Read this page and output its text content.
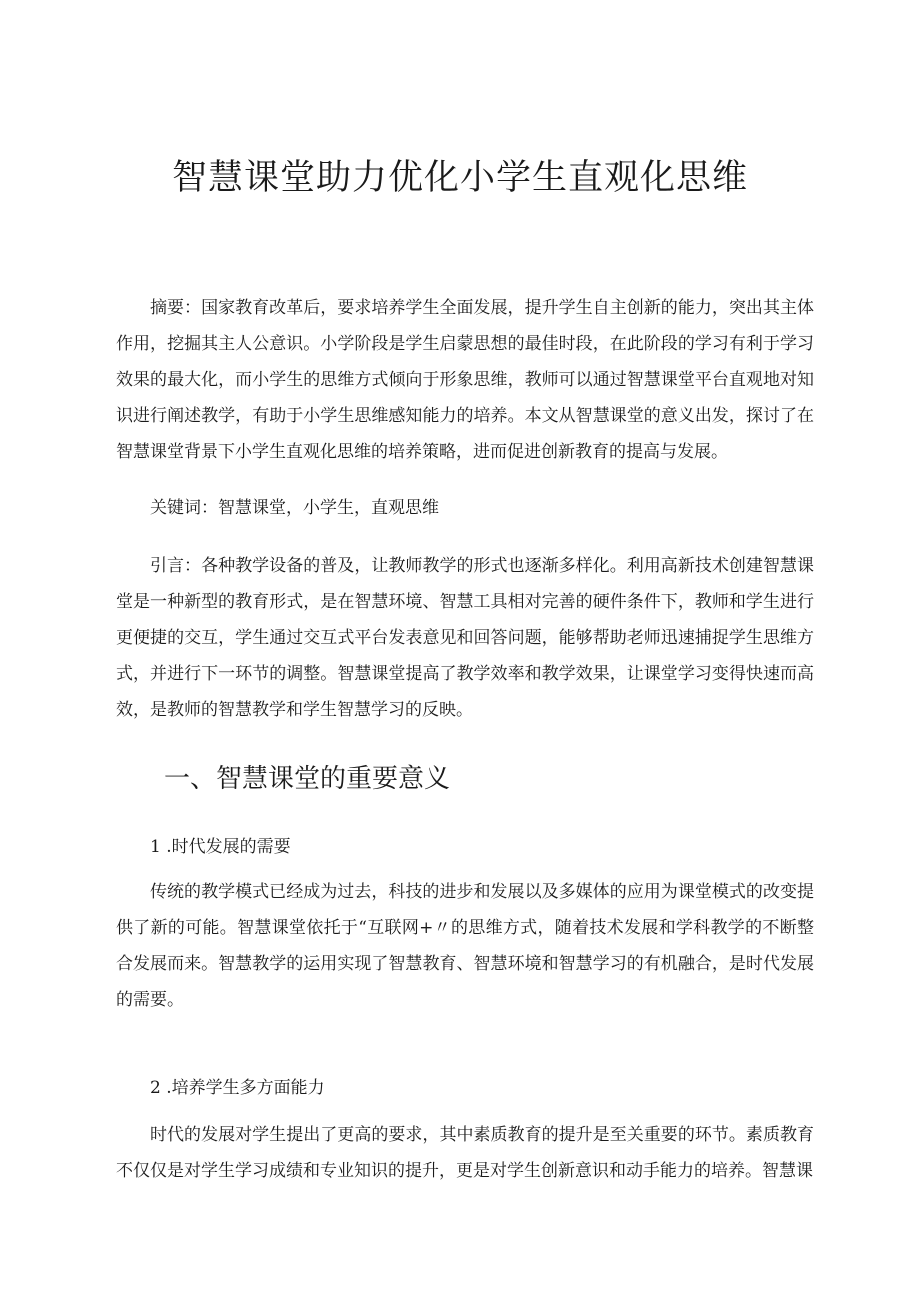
智慧课堂助力优化小学生直观化思维

摘要：国家教育改革后，要求培养学生全面发展，提升学生自主创新的能力，突出其主体作用，挖掘其主人公意识。小学阶段是学生启蒙思想的最佳时段，在此阶段的学习有利于学习效果的最大化，而小学生的思维方式倾向于形象思维，教师可以通过智慧课堂平台直观地对知识进行阐述教学，有助于小学生思维感知能力的培养。本文从智慧课堂的意义出发，探讨了在智慧课堂背景下小学生直观化思维的培养策略，进而促进创新教育的提高与发展。

关键词：智慧课堂，小学生，直观思维

引言：各种教学设备的普及，让教师教学的形式也逐渐多样化。利用高新技术创建智慧课堂是一种新型的教育形式，是在智慧环境、智慧工具相对完善的硬件条件下，教师和学生进行更便捷的交互，学生通过交互式平台发表意见和回答问题，能够帮助老师迅速捕捉学生思维方式，并进行下一环节的调整。智慧课堂提高了教学效率和教学效果，让课堂学习变得快速而高效，是教师的智慧教学和学生智慧学习的反映。

一、智慧课堂的重要意义
1 .时代发展的需要

传统的教学模式已经成为过去，科技的进步和发展以及多媒体的应用为课堂模式的改变提供了新的可能。智慧课堂依托于“互联网+〃的思维方式，随着技术发展和学科教学的不断整合发展而来。智慧教学的运用实现了智慧教育、智慧环境和智慧学习的有机融合，是时代发展的需要。

2 .培养学生多方面能力

时代的发展对学生提出了更高的要求，其中素质教育的提升是至关重要的环节。素质教育不仅仅是对学生学习成绩和专业知识的提升，更是对学生创新意识和动手能力的培养。智慧课
